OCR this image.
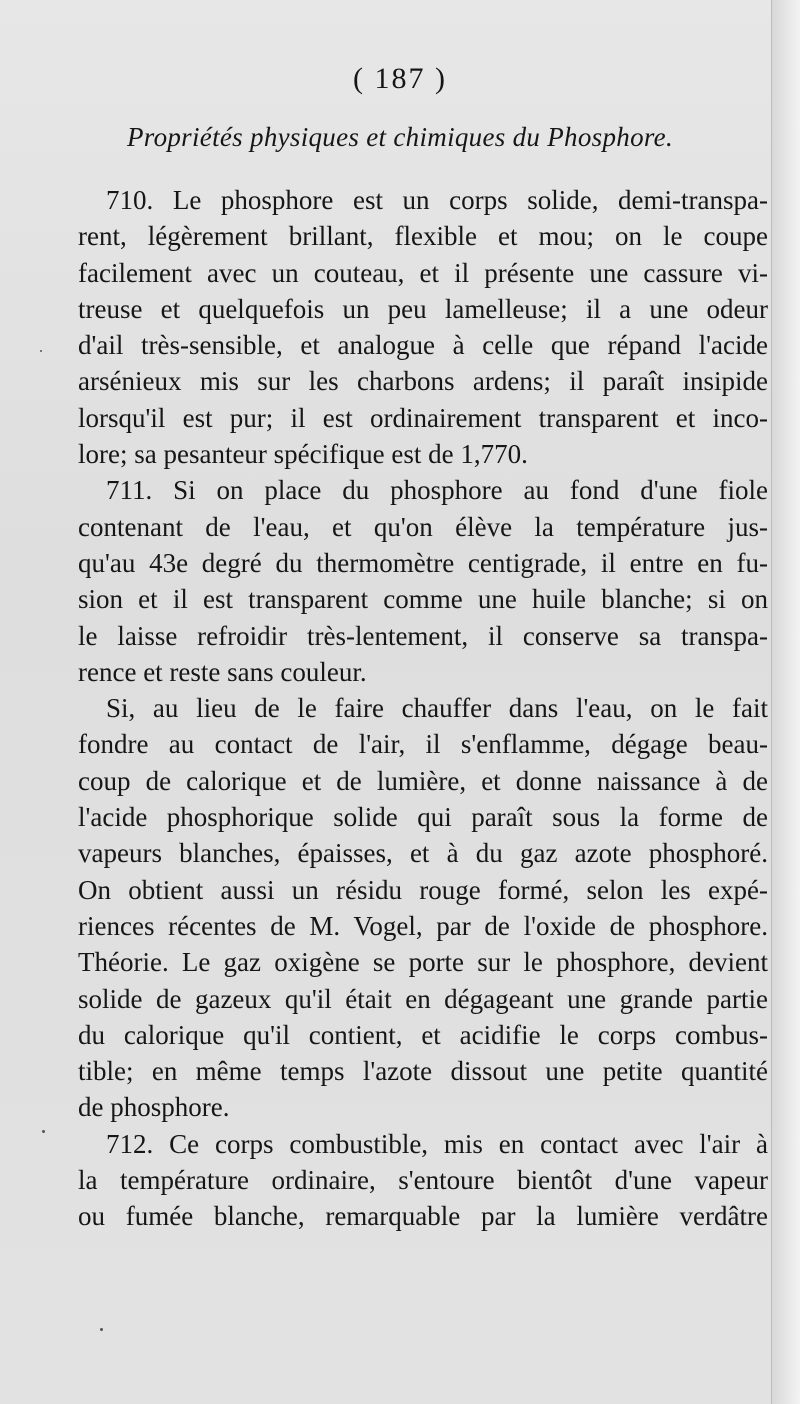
( 187 )
Propriétés physiques et chimiques du Phosphore.
710. Le phosphore est un corps solide, demi-transpa-
rent, légèrement brillant, flexible et mou; on le coupe
facilement avec un couteau, et il présente une cassure vi-
treuse et quelquefois un peu lamelleuse; il a une odeur
d'ail très-sensible, et analogue à celle que répand l'acide
arsénieux mis sur les charbons ardens; il paraît insipide
lorsqu'il est pur; il est ordinairement transparent et inco-
lore; sa pesanteur spécifique est de 1,770.
711. Si on place du phosphore au fond d'une fiole
contenant de l'eau, et qu'on élève la température jus-
qu'au 43e degré du thermomètre centigrade, il entre en fu-
sion et il est transparent comme une huile blanche; si on
le laisse refroidir très-lentement, il conserve sa transpa-
rence et reste sans couleur.
Si, au lieu de le faire chauffer dans l'eau, on le fait
fondre au contact de l'air, il s'enflamme, dégage beau-
coup de calorique et de lumière, et donne naissance à de
l'acide phosphorique solide qui paraît sous la forme de
vapeurs blanches, épaisses, et à du gaz azote phosphoré.
On obtient aussi un résidu rouge formé, selon les expé-
riences récentes de M. Vogel, par de l'oxide de phosphore.
Théorie. Le gaz oxigène se porte sur le phosphore, devient
solide de gazeux qu'il était en dégageant une grande partie
du calorique qu'il contient, et acidifie le corps combus-
tible; en même temps l'azote dissout une petite quantité
de phosphore.
712. Ce corps combustible, mis en contact avec l'air à
la température ordinaire, s'entoure bientôt d'une vapeur
ou fumée blanche, remarquable par la lumière verdâtre
